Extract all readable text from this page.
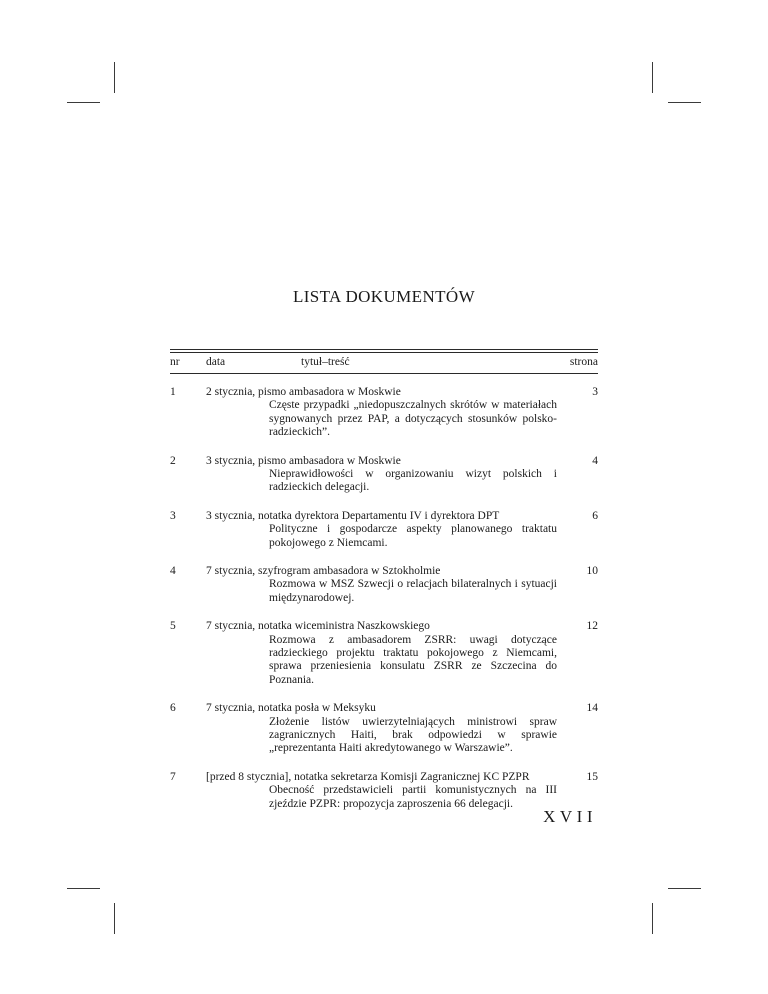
LISTA DOKUMENTÓW
nr data	tytuł–treść	strona
1	2 stycznia, pismo ambasadora w Moskwie	3
Częste przypadki „niedopuszczalnych skrótów w materiałach sygnowanych przez PAP, a dotyczących stosunków polsko-radzieckich”.
2	3 stycznia, pismo ambasadora w Moskwie	4
Nieprawidłowości w organizowaniu wizyt polskich i radzieckich delegacji.
3	3 stycznia, notatka dyrektora Departamentu IV i dyrektora DPT	6
Polityczne i gospodarcze aspekty planowanego traktatu pokojowego z Niemcami.
4	7 stycznia, szyfrogram ambasadora w Sztokholmie	10
Rozmowa w MSZ Szwecji o relacjach bilateralnych i sytuacji międzynarodowej.
5	7 stycznia, notatka wiceministra Naszkowskiego	12
Rozmowa z ambasadorem ZSRR: uwagi dotyczące radzieckiego projektu traktatu pokojowego z Niemcami, sprawa przeniesienia konsulatu ZSRR ze Szczecina do Poznania.
6	7 stycznia, notatka posła w Meksyku	14
Złożenie listów uwierzytelniających ministrowi spraw zagranicznych Haiti, brak odpowiedzi w sprawie „reprezentanta Haiti akredytowanego w Warszawie”.
7	[przed 8 stycznia], notatka sekretarza Komisji Zagranicznej KC PZPR	15
Obecność przedstawicieli partii komunistycznych na III zjeździe PZPR: propozycja zaproszenia 66 delegacji.
XVII
